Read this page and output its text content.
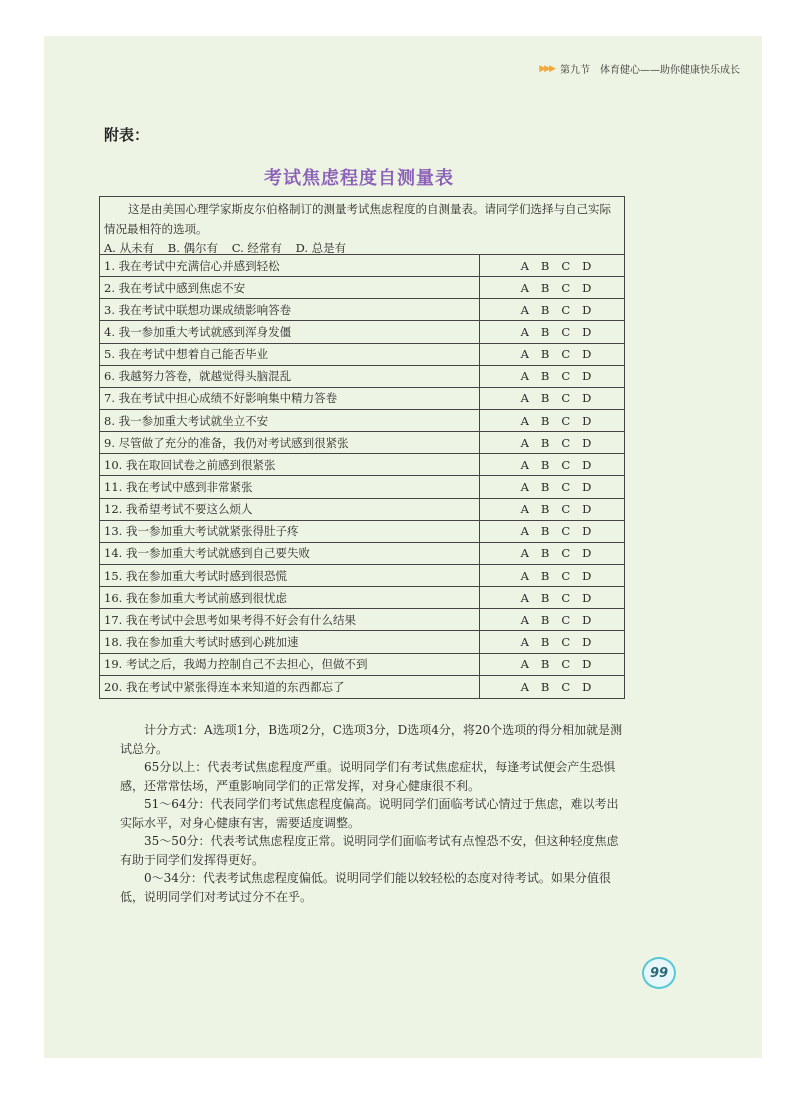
▶▶▶ 第九节 体育健心——助你健康快乐成长
附表：
考试焦虑程度自测量表
这是由美国心理学家斯皮尔伯格制订的测量考试焦虑程度的自测量表。请同学们选择与自己实际情况最相符的选项。
A. 从未有 B. 偶尔有 C. 经常有 D. 总是有
1. 我在考试中充满信心并感到轻松	A B C D
2. 我在考试中感到焦虑不安	A B C D
3. 我在考试中联想功课成绩影响答卷	A B C D
4. 我一参加重大考试就感到浑身发僵	A B C D
5. 我在考试中想着自己能否毕业	A B C D
6. 我越努力答卷，就越觉得头脑混乱	A B C D
7. 我在考试中担心成绩不好影响集中精力答卷	A B C D
8. 我一参加重大考试就坐立不安	A B C D
9. 尽管做了充分的准备，我仍对考试感到很紧张	A B C D
10. 我在取回试卷之前感到很紧张	A B C D
11. 我在考试中感到非常紧张	A B C D
12. 我希望考试不要这么烦人	A B C D
13. 我一参加重大考试就紧张得肚子疼	A B C D
14. 我一参加重大考试就感到自己要失败	A B C D
15. 我在参加重大考试时感到很恐慌	A B C D
16. 我在参加重大考试前感到很忧虑	A B C D
17. 我在考试中会思考如果考得不好会有什么结果	A B C D
18. 我在参加重大考试时感到心跳加速	A B C D
19. 考试之后，我竭力控制自己不去担心，但做不到	A B C D
20. 我在考试中紧张得连本来知道的东西都忘了	A B C D

计分方式：A选项1分，B选项2分，C选项3分，D选项4分，将20个选项的得分相加就是测试总分。

65分以上：代表考试焦虑程度严重。说明同学们有考试焦虑症状，每逢考试便会产生恐惧感，还常常怯场，严重影响同学们的正常发挥，对身心健康很不利。

51～64分：代表同学们考试焦虑程度偏高。说明同学们面临考试心情过于焦虑，难以考出实际水平，对身心健康有害，需要适度调整。

35～50分：代表考试焦虑程度正常。说明同学们面临考试有点惶恐不安，但这种轻度焦虑有助于同学们发挥得更好。

0～34分：代表考试焦虑程度偏低。说明同学们能以较轻松的态度对待考试。如果分值很低，说明同学们对考试过分不在乎。

99
